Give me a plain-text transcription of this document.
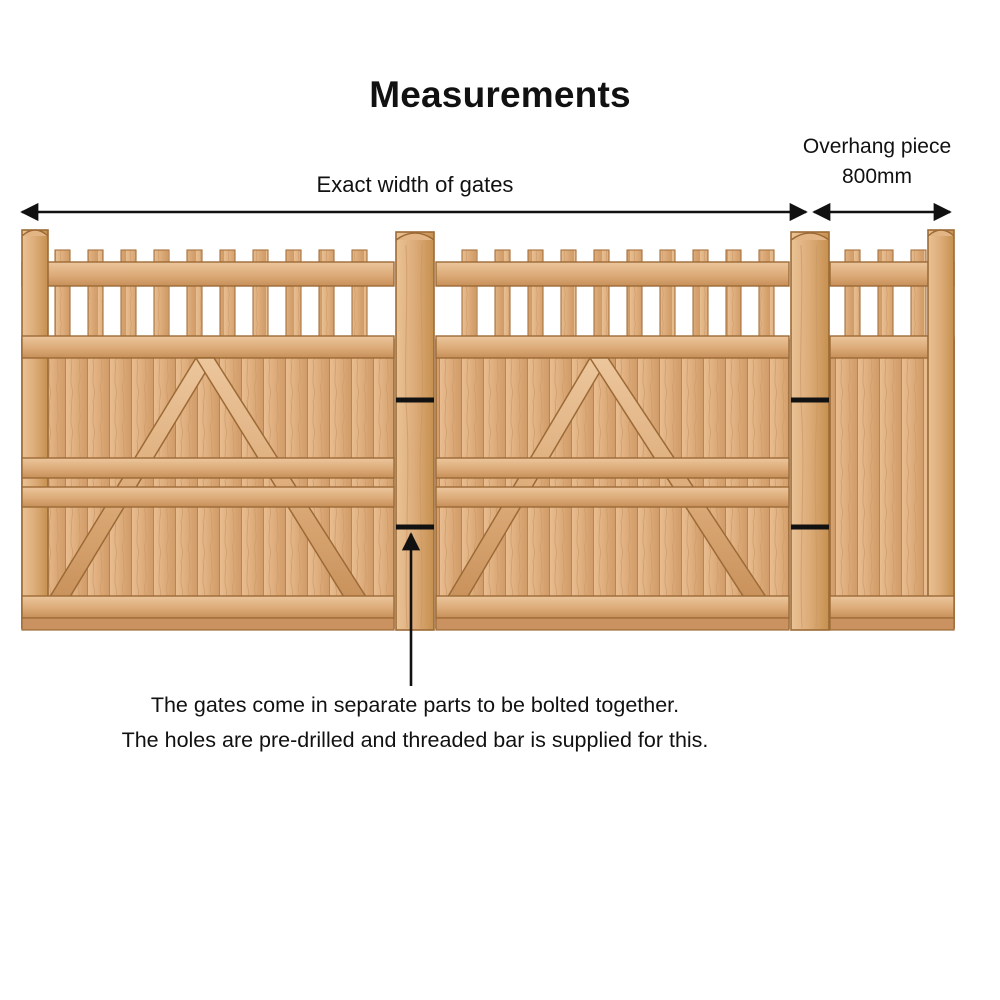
Measurements
Exact width of gates
Overhang piece
800mm
The gates come in separate parts to be bolted together.
The holes are pre-drilled and threaded bar is supplied for this.
